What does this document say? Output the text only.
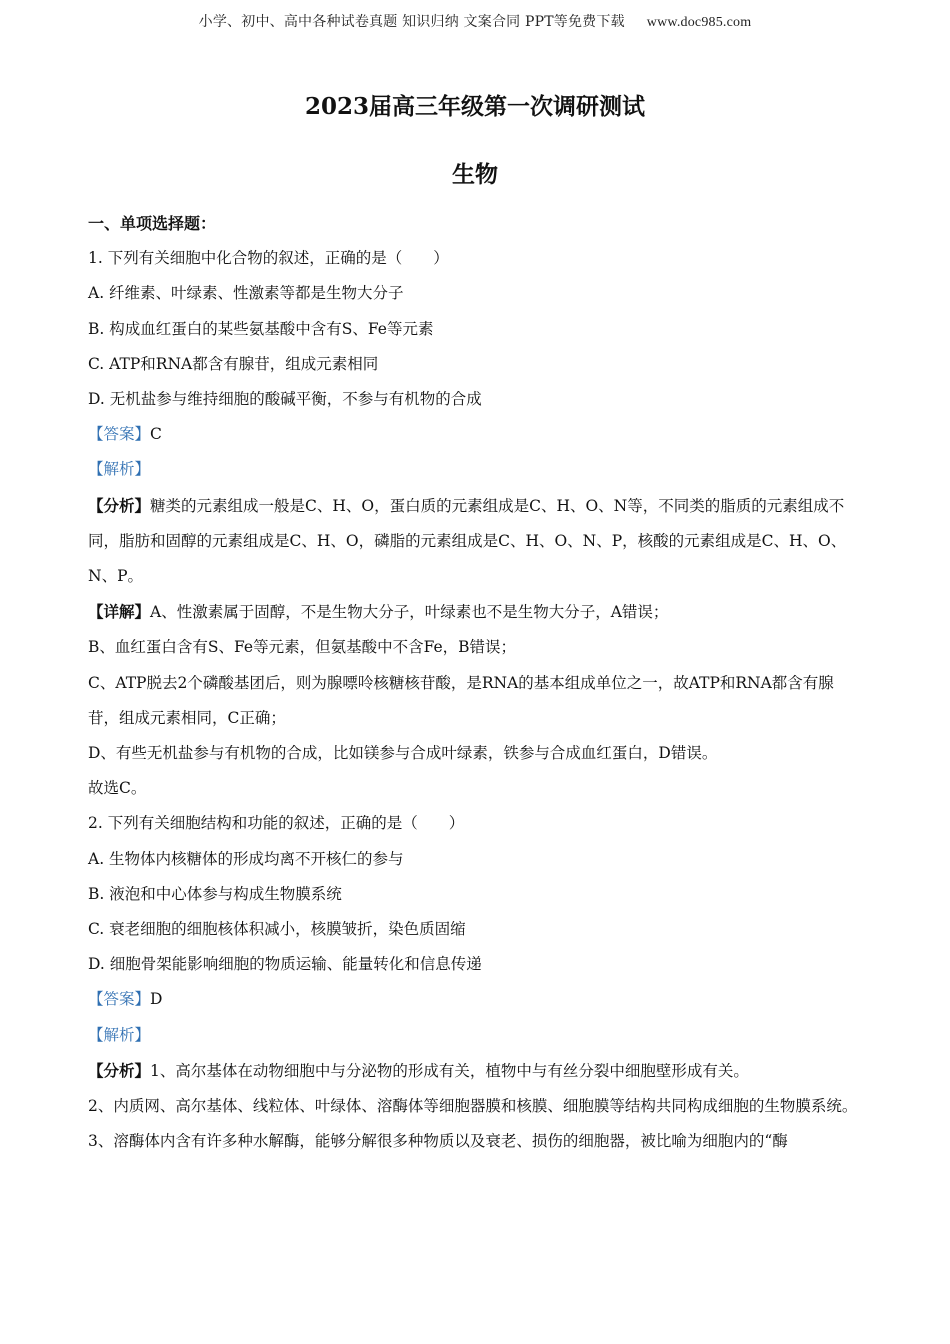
小学、初中、高中各种试卷真题 知识归纳 文案合同 PPT等免费下载 www.doc985.com
2023届高三年级第一次调研测试
生物
一、单项选择题：
1. 下列有关细胞中化合物的叙述，正确的是（　　）
A. 纤维素、叶绿素、性激素等都是生物大分子
B. 构成血红蛋白的某些氨基酸中含有S、Fe等元素
C. ATP和RNA都含有腺苷，组成元素相同
D. 无机盐参与维持细胞的酸碱平衡，不参与有机物的合成
【答案】C
【解析】
【分析】糖类的元素组成一般是C、H、O，蛋白质的元素组成是C、H、O、N等，不同类的脂质的元素组成不同，脂肪和固醇的元素组成是C、H、O，磷脂的元素组成是C、H、O、N、P，核酸的元素组成是C、H、O、N、P。
【详解】A、性激素属于固醇，不是生物大分子，叶绿素也不是生物大分子，A错误；
B、血红蛋白含有S、Fe等元素，但氨基酸中不含Fe，B错误；
C、ATP脱去2个磷酸基团后，则为腺嘌呤核糖核苷酸，是RNA的基本组成单位之一，故ATP和RNA都含有腺苷，组成元素相同，C正确；
D、有些无机盐参与有机物的合成，比如镁参与合成叶绿素，铁参与合成血红蛋白，D错误。
故选C。
2. 下列有关细胞结构和功能的叙述，正确的是（　　）
A. 生物体内核糖体的形成均离不开核仁的参与
B. 液泡和中心体参与构成生物膜系统
C. 衰老细胞的细胞核体积减小，核膜皱折，染色质固缩
D. 细胞骨架能影响细胞的物质运输、能量转化和信息传递
【答案】D
【解析】
【分析】1、高尔基体在动物细胞中与分泌物的形成有关，植物中与有丝分裂中细胞壁形成有关。
2、内质网、高尔基体、线粒体、叶绿体、溶酶体等细胞器膜和核膜、细胞膜等结构共同构成细胞的生物膜系统。
3、溶酶体内含有许多种水解酶，能够分解很多种物质以及衰老、损伤的细胞器，被比喻为细胞内的“酶
